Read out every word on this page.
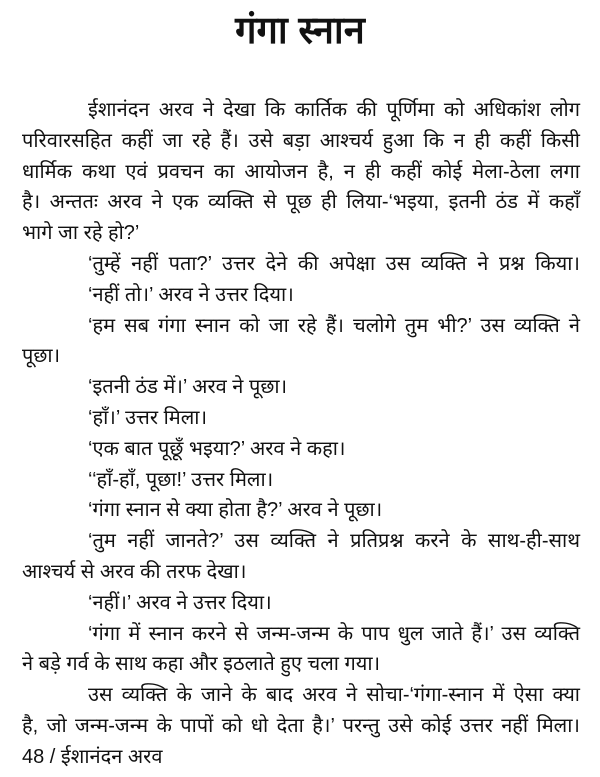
गंगा स्नान
ईशानंदन अरव ने देखा कि कार्तिक की पूर्णिमा को अधिकांश लोग
परिवारसहित कहीं जा रहे हैं। उसे बड़ा आश्चर्य हुआ कि न ही कहीं किसी
धार्मिक कथा एवं प्रवचन का आयोजन है, न ही कहीं कोई मेला-ठेला लगा
है। अन्ततः अरव ने एक व्यक्ति से पूछ ही लिया-‘भइया, इतनी ठंड में कहाँ
भागे जा रहे हो?’
‘तुम्हें नहीं पता?’ उत्तर देने की अपेक्षा उस व्यक्ति ने प्रश्न किया।
‘नहीं तो।’ अरव ने उत्तर दिया।
‘हम सब गंगा स्नान को जा रहे हैं। चलोगे तुम भी?’ उस व्यक्ति ने
पूछा।
‘इतनी ठंड में।’ अरव ने पूछा।
‘हाँ।’ उत्तर मिला।
‘एक बात पूछूँ भइया?’ अरव ने कहा।
‘‘हाँ-हाँ, पूछा!’ उत्तर मिला।
‘गंगा स्नान से क्या होता है?’ अरव ने पूछा।
‘तुम नहीं जानते?’ उस व्यक्ति ने प्रतिप्रश्न करने के साथ-ही-साथ
आश्चर्य से अरव की तरफ देखा।
‘नहीं।’ अरव ने उत्तर दिया।
‘गंगा में स्नान करने से जन्म-जन्म के पाप धुल जाते हैं।’ उस व्यक्ति
ने बड़े गर्व के साथ कहा और इठलाते हुए चला गया।
उस व्यक्ति के जाने के बाद अरव ने सोचा-‘गंगा-स्नान में ऐसा क्या
है, जो जन्म-जन्म के पापों को धो देता है।’ परन्तु उसे कोई उत्तर नहीं मिला।
48 / ईशानंदन अरव
